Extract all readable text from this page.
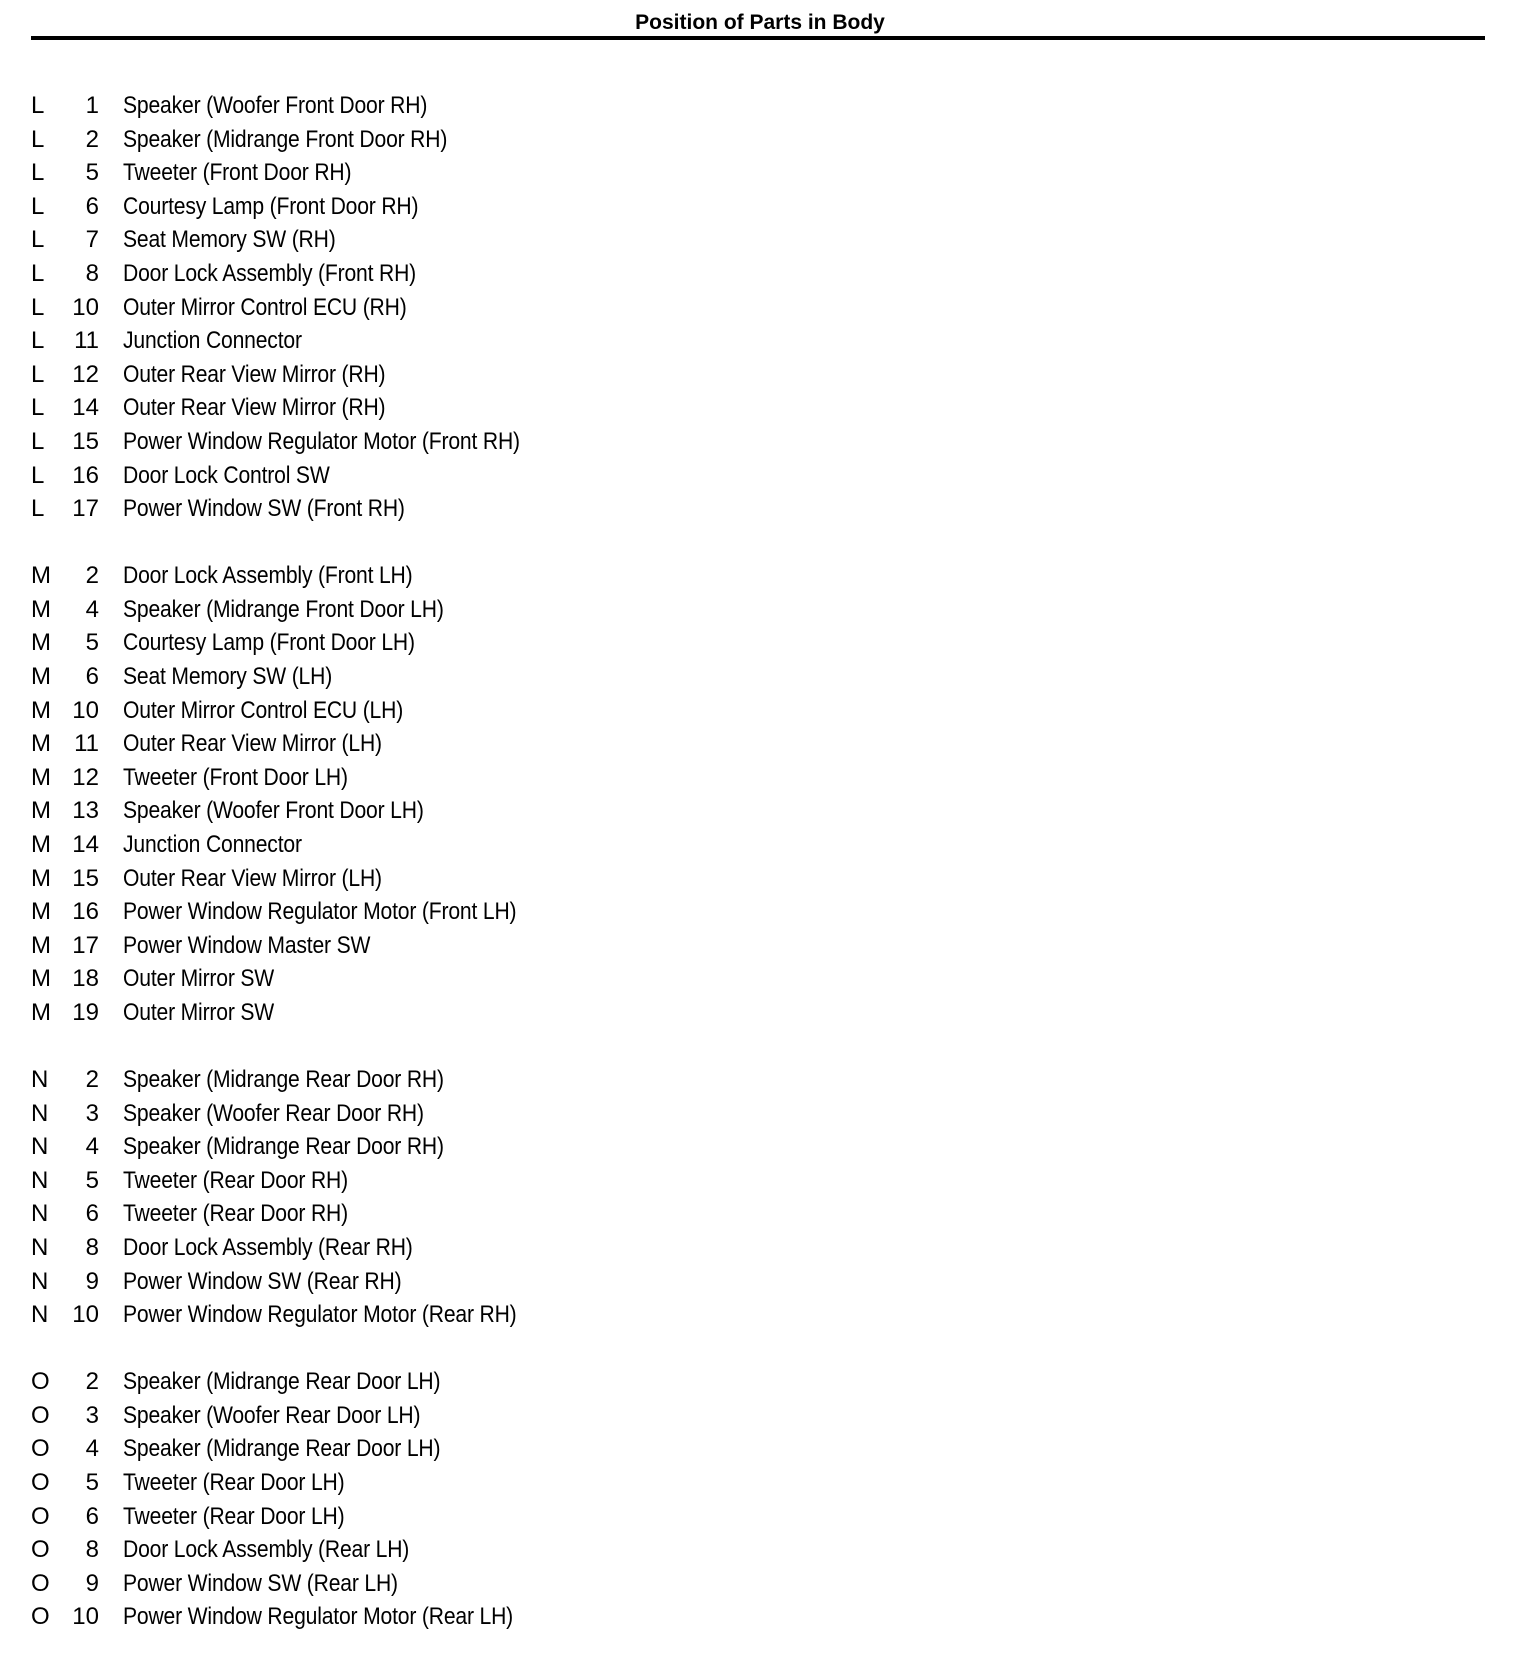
Position of Parts in Body
L	1	Speaker (Woofer Front Door RH)
L	2	Speaker (Midrange Front Door RH)
L	5	Tweeter (Front Door RH)
L	6	Courtesy Lamp (Front Door RH)
L	7	Seat Memory SW (RH)
L	8	Door Lock Assembly (Front RH)
L	10	Outer Mirror Control ECU (RH)
L	11	Junction Connector
L	12	Outer Rear View Mirror (RH)
L	14	Outer Rear View Mirror (RH)
L	15	Power Window Regulator Motor (Front RH)
L	16	Door Lock Control SW
L	17	Power Window SW (Front RH)
M	2	Door Lock Assembly (Front LH)
M	4	Speaker (Midrange Front Door LH)
M	5	Courtesy Lamp (Front Door LH)
M	6	Seat Memory SW (LH)
M 10	Outer Mirror Control ECU (LH)
M 11	Outer Rear View Mirror (LH)
M 12	Tweeter (Front Door LH)
M 13	Speaker (Woofer Front Door LH)
M 14	Junction Connector
M 15	Outer Rear View Mirror (LH)
M 16	Power Window Regulator Motor (Front LH)
M 17	Power Window Master SW
M 18	Outer Mirror SW
M 19	Outer Mirror SW
N	2	Speaker (Midrange Rear Door RH)
N	3	Speaker (Woofer Rear Door RH)
N	4	Speaker (Midrange Rear Door RH)
N	5	Tweeter (Rear Door RH)
N	6	Tweeter (Rear Door RH)
N	8	Door Lock Assembly (Rear RH)
N	9	Power Window SW (Rear RH)
N 10	Power Window Regulator Motor (Rear RH)
O	2	Speaker (Midrange Rear Door LH)
O	3	Speaker (Woofer Rear Door LH)
O	4	Speaker (Midrange Rear Door LH)
O	5	Tweeter (Rear Door LH)
O	6	Tweeter (Rear Door LH)
O	8	Door Lock Assembly (Rear LH)
O	9	Power Window SW (Rear LH)
O 10	Power Window Regulator Motor (Rear LH)
